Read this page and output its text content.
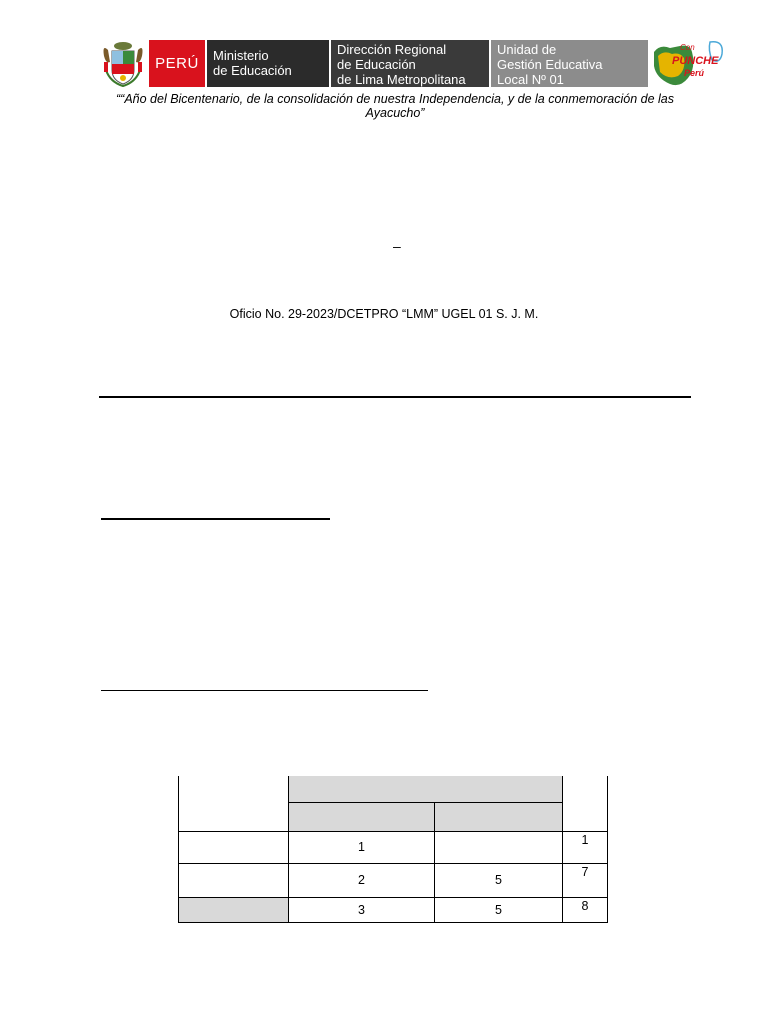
PERÚ Ministerio
de Educación
Dirección Regional
de Educación
de Lima Metropolitana
Unidad de
Gestión Educativa
Local Nº 01
Con
PUNCHE
Perú
““Año del Bicentenario, de la consolidación de nuestra Independencia, y de la conmemoración de las
Ayacucho”
–
Oficio No. 29-2023/DCETPRO “LMM” UGEL 01 S. J. M.

	1		1
	2	5	7
	3	5	8
